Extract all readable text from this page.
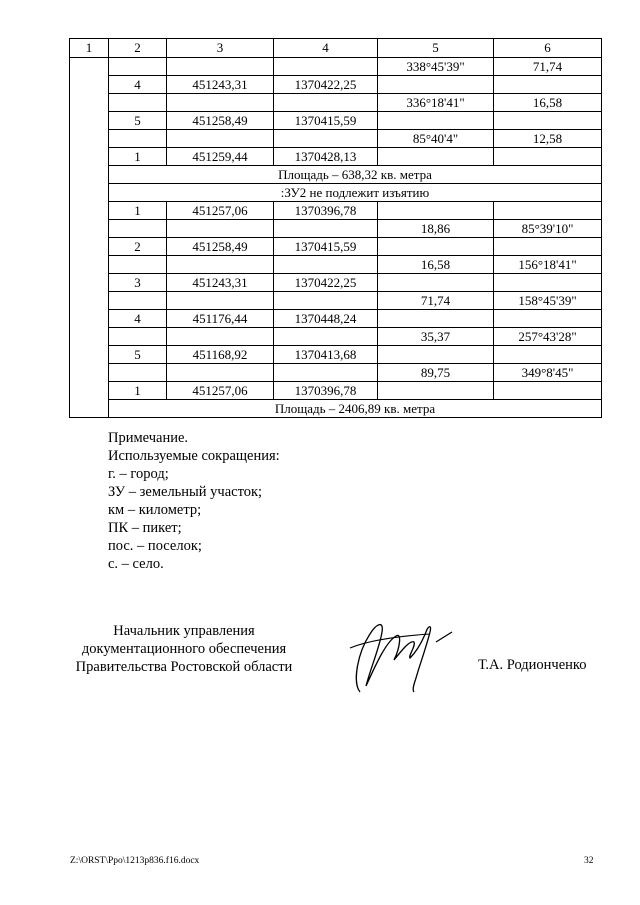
1	2	3	4	5	6
				338°45'39"	71,74
	4	451243,31	1370422,25		
				336°18'41"	16,58
	5	451258,49	1370415,59		
				85°40'4"	12,58
	1	451259,44	1370428,13		
	Площадь – 638,32 кв. метра				
	:ЗУ2 не подлежит изъятию				
	1	451257,06	1370396,78		
				18,86	85°39'10"
	2	451258,49	1370415,59		
				16,58	156°18'41"
	3	451243,31	1370422,25		
				71,74	158°45'39"
	4	451176,44	1370448,24		
				35,37	257°43'28"
	5	451168,92	1370413,68		
				89,75	349°8'45"
	1	451257,06	1370396,78		
	Площадь – 2406,89 кв. метра				
Примечание.
Используемые сокращения:
г. – город;
ЗУ – земельный участок;
км – километр;
ПК – пикет;
пос. – поселок;
с. – село.
Начальник управления
документационного обеспечения
Правительства Ростовской области	Т.А. Родионченко
Z:\ORST\Ppo\1213p836.f16.docx	32
